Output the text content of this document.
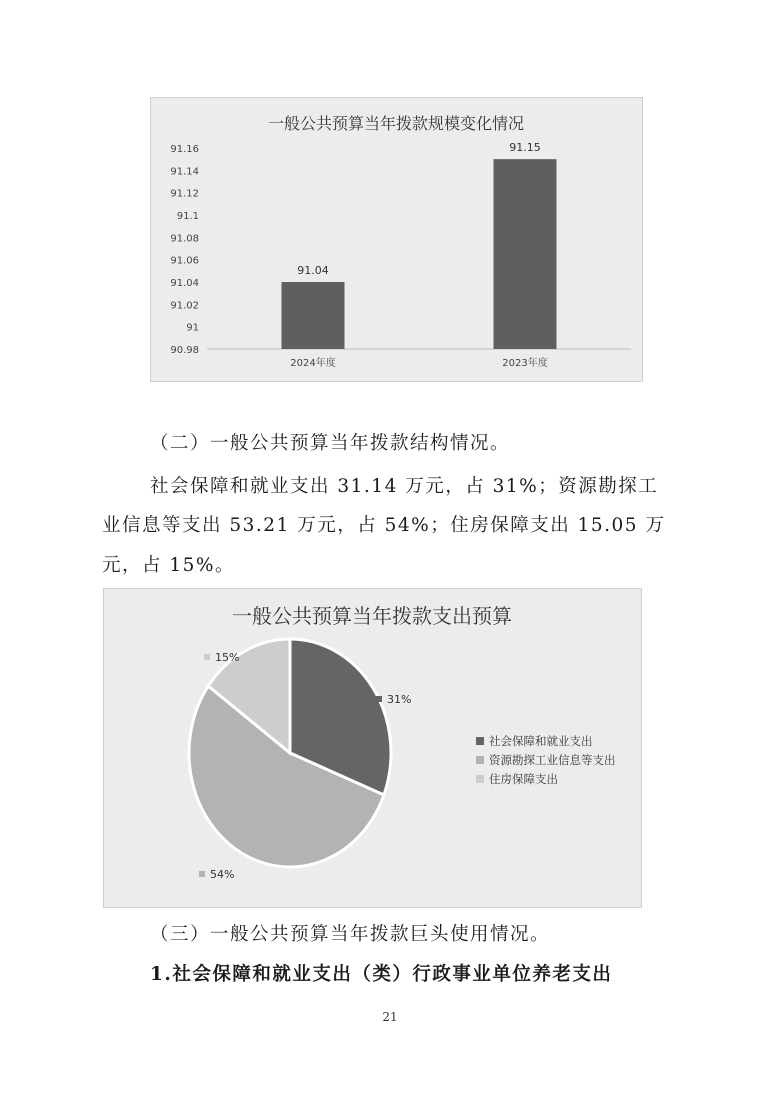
一般公共预算当年拨款规模变化情况
90.98
91
91.02
91.04
91.06
91.08
91.1
91.12
91.14
91.16
91.04
2024年度
91.15
2023年度

（二）一般公共预算当年拨款结构情况。

社会保障和就业支出 31.14 万元，占 31%；资源勘探工

业信息等支出 53.21 万元，占 54%；住房保障支出 15.05 万

元，占 15%。

一般公共预算当年拨款支出预算
31%
54%
15%
社会保障和就业支出
资源勘探工业信息等支出
住房保障支出

（三）一般公共预算当年拨款巨头使用情况。

1.社会保障和就业支出（类）行政事业单位养老支出

21
